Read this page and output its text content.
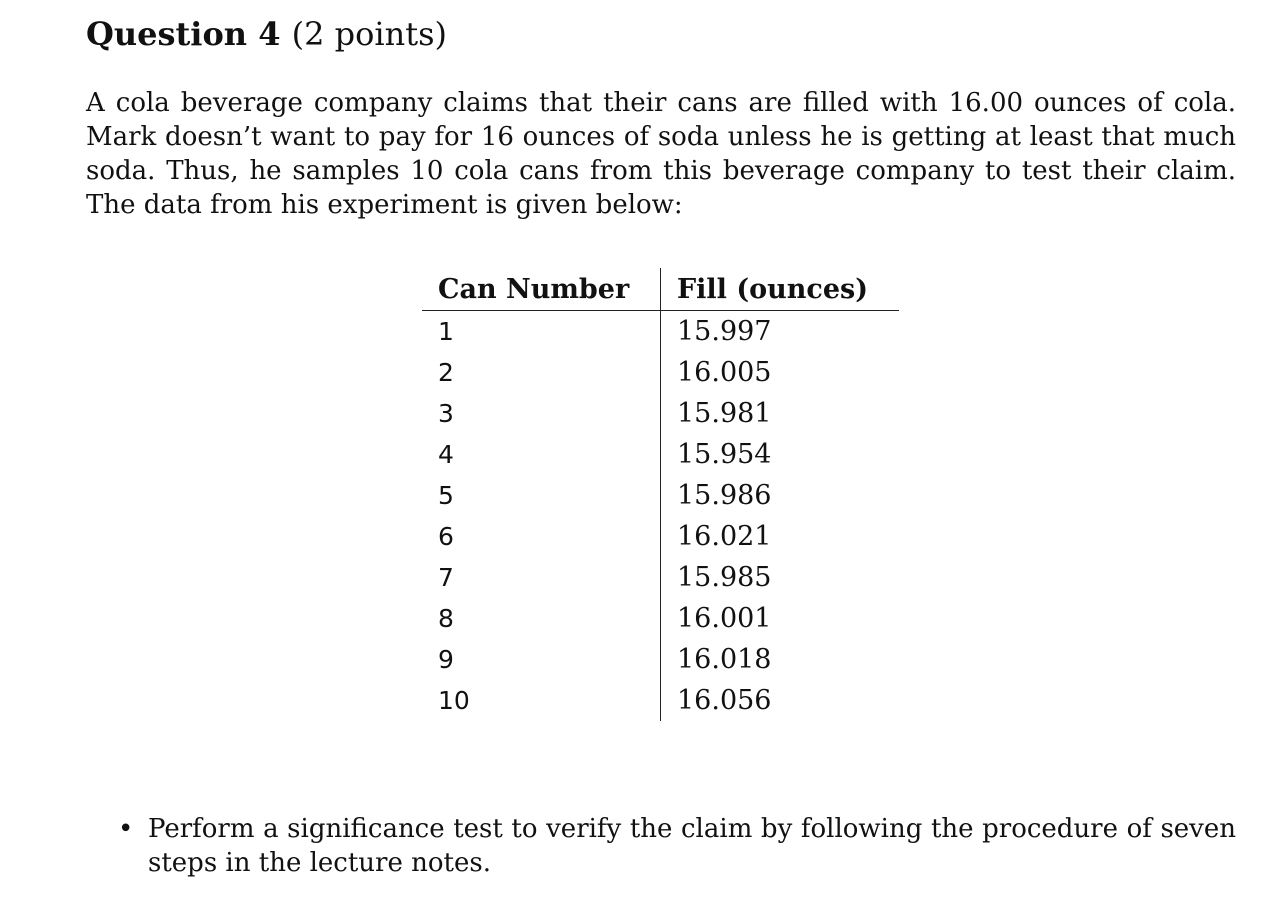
Question 4 (2 points)

A cola beverage company claims that their cans are filled with 16.00 ounces of cola. Mark doesn’t want to pay for 16 ounces of soda unless he is getting at least that much soda. Thus, he samples 10 cola cans from this beverage company to test their claim. The data from his experiment is given below:

Can Number	Fill (ounces)
1	15.997
2	16.005
3	15.981
4	15.954
5	15.986
6	16.021
7	15.985
8	16.001
9	16.018
10	16.056
• Perform a significance test to verify the claim by following the procedure of seven steps in the lecture notes.
